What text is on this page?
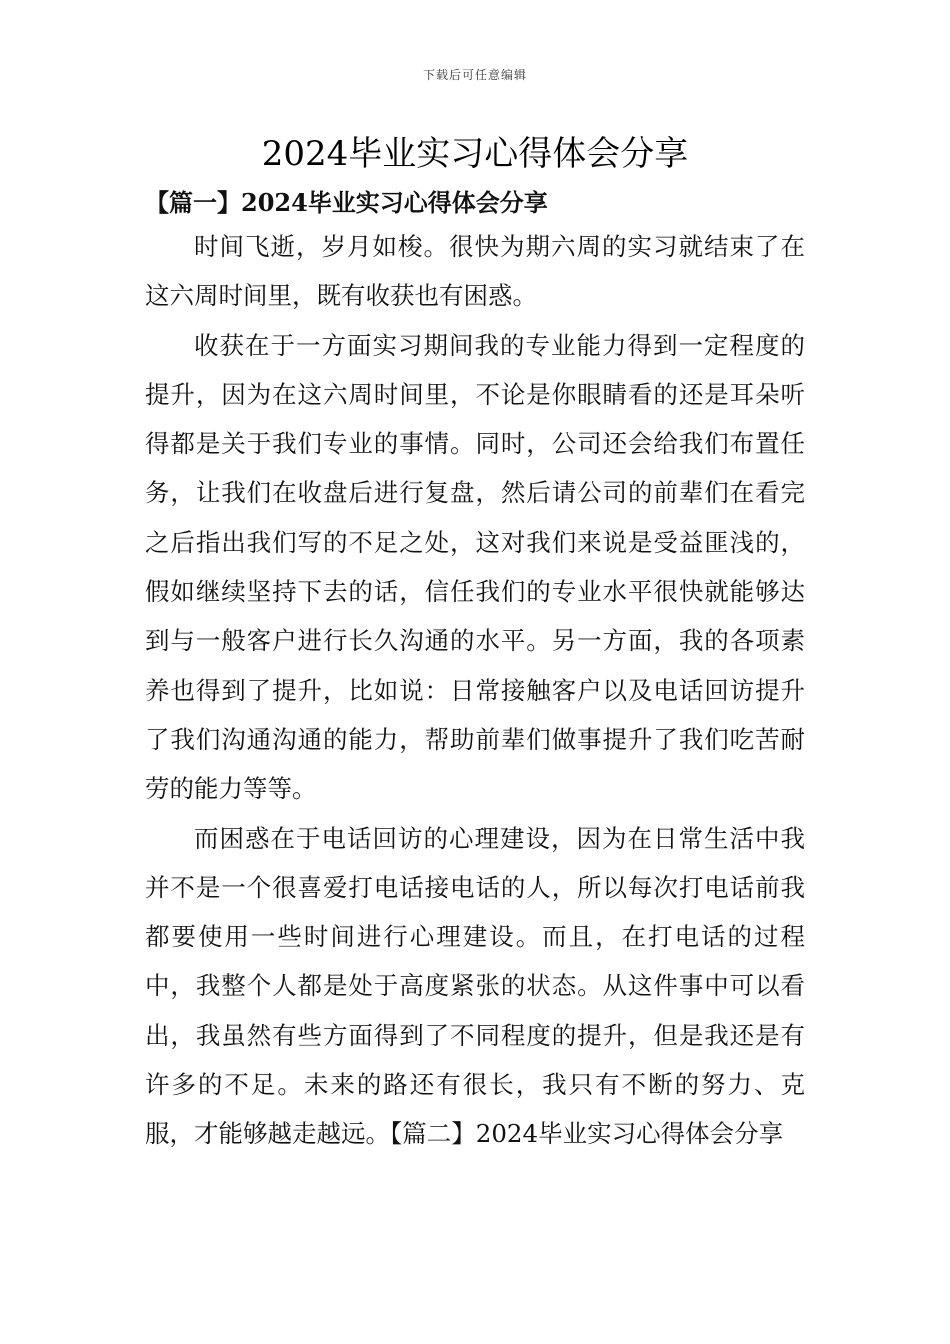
下载后可任意编辑
2024毕业实习心得体会分享
【篇一】2024毕业实习心得体会分享

时间飞逝，岁月如梭。很快为期六周的实习就结束了在这六周时间里，既有收获也有困惑。

收获在于一方面实习期间我的专业能力得到一定程度的提升，因为在这六周时间里，不论是你眼睛看的还是耳朵听得都是关于我们专业的事情。同时，公司还会给我们布置任务，让我们在收盘后进行复盘，然后请公司的前辈们在看完之后指出我们写的不足之处，这对我们来说是受益匪浅的，假如继续坚持下去的话，信任我们的专业水平很快就能够达到与一般客户进行长久沟通的水平。另一方面，我的各项素养也得到了提升，比如说：日常接触客户以及电话回访提升了我们沟通沟通的能力，帮助前辈们做事提升了我们吃苦耐劳的能力等等。

而困惑在于电话回访的心理建设，因为在日常生活中我并不是一个很喜爱打电话接电话的人，所以每次打电话前我都要使用一些时间进行心理建设。而且，在打电话的过程中，我整个人都是处于高度紧张的状态。从这件事中可以看出，我虽然有些方面得到了不同程度的提升，但是我还是有许多的不足。未来的路还有很长，我只有不断的努力、克服，才能够越走越远。【篇二】2024毕业实习心得体会分享
